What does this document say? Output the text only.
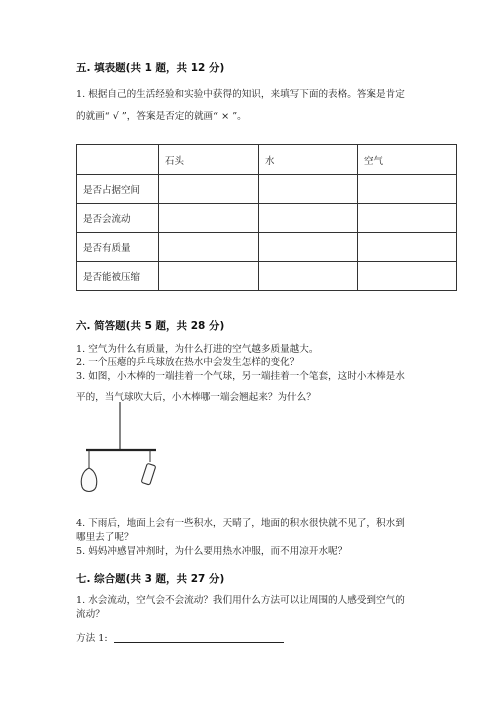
五. 填表题(共 1 题，共 12 分)
1. 根据自己的生活经验和实验中获得的知识，来填写下面的表格。答案是肯定
的就画“ √ ”，答案是否定的就画“ × ”。
	石头	水	空气
是否占据空间			
是否会流动			
是否有质量			
是否能被压缩			
六. 简答题(共 5 题，共 28 分)
1. 空气为什么有质量，为什么打进的空气越多质量越大。
2. 一个压瘪的乒乓球放在热水中会发生怎样的变化？
3. 如图，小木棒的一端挂着一个气球，另一端挂着一个笔套，这时小木棒是水
平的，当气球吹大后，小木棒哪一端会翘起来？为什么？
4. 下雨后，地面上会有一些积水，天晴了，地面的积水很快就不见了，积水到
哪里去了呢？
5. 妈妈冲感冒冲剂时，为什么要用热水冲服，而不用凉开水呢？
七. 综合题(共 3 题，共 27 分)
1. 水会流动，空气会不会流动？我们用什么方法可以让周围的人感受到空气的
流动？
方法 1:
